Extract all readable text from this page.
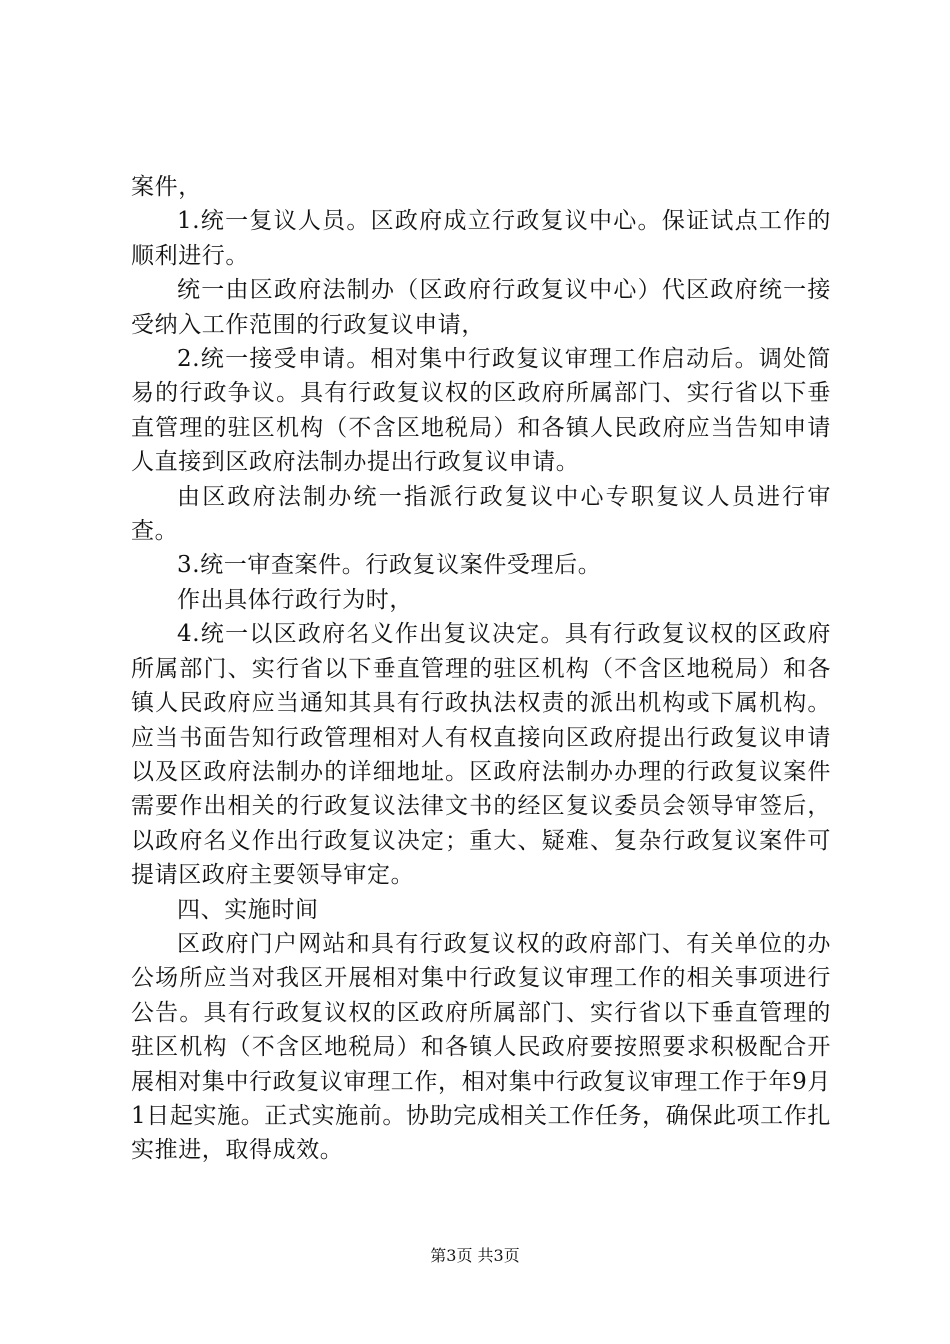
案件，

1.统一复议人员。区政府成立行政复议中心。保证试点工作的顺利进行。

统一由区政府法制办（区政府行政复议中心）代区政府统一接受纳入工作范围的行政复议申请，

2.统一接受申请。相对集中行政复议审理工作启动后。调处简易的行政争议。具有行政复议权的区政府所属部门、实行省以下垂直管理的驻区机构（不含区地税局）和各镇人民政府应当告知申请人直接到区政府法制办提出行政复议申请。

由区政府法制办统一指派行政复议中心专职复议人员进行审查。

3.统一审查案件。行政复议案件受理后。

作出具体行政行为时，

4.统一以区政府名义作出复议决定。具有行政复议权的区政府所属部门、实行省以下垂直管理的驻区机构（不含区地税局）和各镇人民政府应当通知其具有行政执法权责的派出机构或下属机构。应当书面告知行政管理相对人有权直接向区政府提出行政复议申请以及区政府法制办的详细地址。区政府法制办办理的行政复议案件需要作出相关的行政复议法律文书的经区复议委员会领导审签后，以政府名义作出行政复议决定；重大、疑难、复杂行政复议案件可提请区政府主要领导审定。

四、实施时间

区政府门户网站和具有行政复议权的政府部门、有关单位的办公场所应当对我区开展相对集中行政复议审理工作的相关事项进行公告。具有行政复议权的区政府所属部门、实行省以下垂直管理的驻区机构（不含区地税局）和各镇人民政府要按照要求积极配合开展相对集中行政复议审理工作，相对集中行政复议审理工作于年9月1日起实施。正式实施前。协助完成相关工作任务，确保此项工作扎实推进，取得成效。

第3页 共3页
